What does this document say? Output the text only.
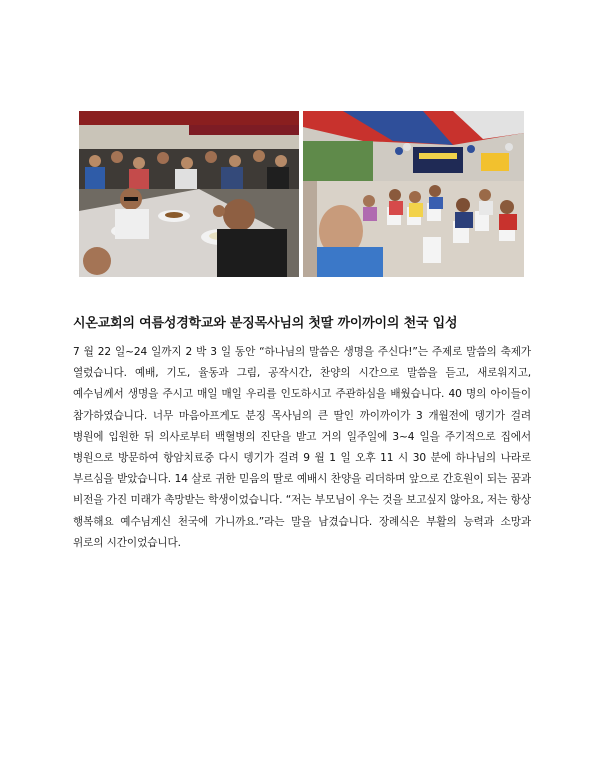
시온교회의 여름성경학교와 분징목사님의 첫딸 까이까이의 천국 입성

7 월 22 일~24 일까지 2 박 3 일 동안 “하나님의 말씀은 생명을 주신다!”는 주제로 말씀의 축제가 열렸습니다. 예배, 기도, 율동과 그림, 공작시간, 찬양의 시간으로 말씀을 듣고, 새로워지고, 예수님께서 생명을 주시고 매일 매일 우리를 인도하시고 주관하심을 배웠습니다. 40 명의 아이들이 참가하였습니다. 너무 마음아프게도 분징 목사님의 큰 딸인 까이까이가 3 개월전에 뎅기가 걸려 병원에 입원한 뒤 의사로부터 백혈병의 진단을 받고 거의 일주일에 3~4 일을 주기적으로 집에서 병원으로 방문하여 항암치료중 다시 뎅기가 걸려 9 월 1 일 오후 11 시 30 분에 하나님의 나라로 부르심을 받았습니다. 14 살로 귀한 믿음의 딸로 예배시 찬양을 리더하며 앞으로 간호원이 되는 꿈과 비전을 가진 미래가 촉망받는 학생이었습니다. “저는 부모님이 우는 것을 보고싶지 않아요, 저는 항상 행복해요 예수님계신 천국에 가니까요.”라는 말을 남겼습니다. 장례식은 부활의 능력과 소망과 위로의 시간이었습니다.
